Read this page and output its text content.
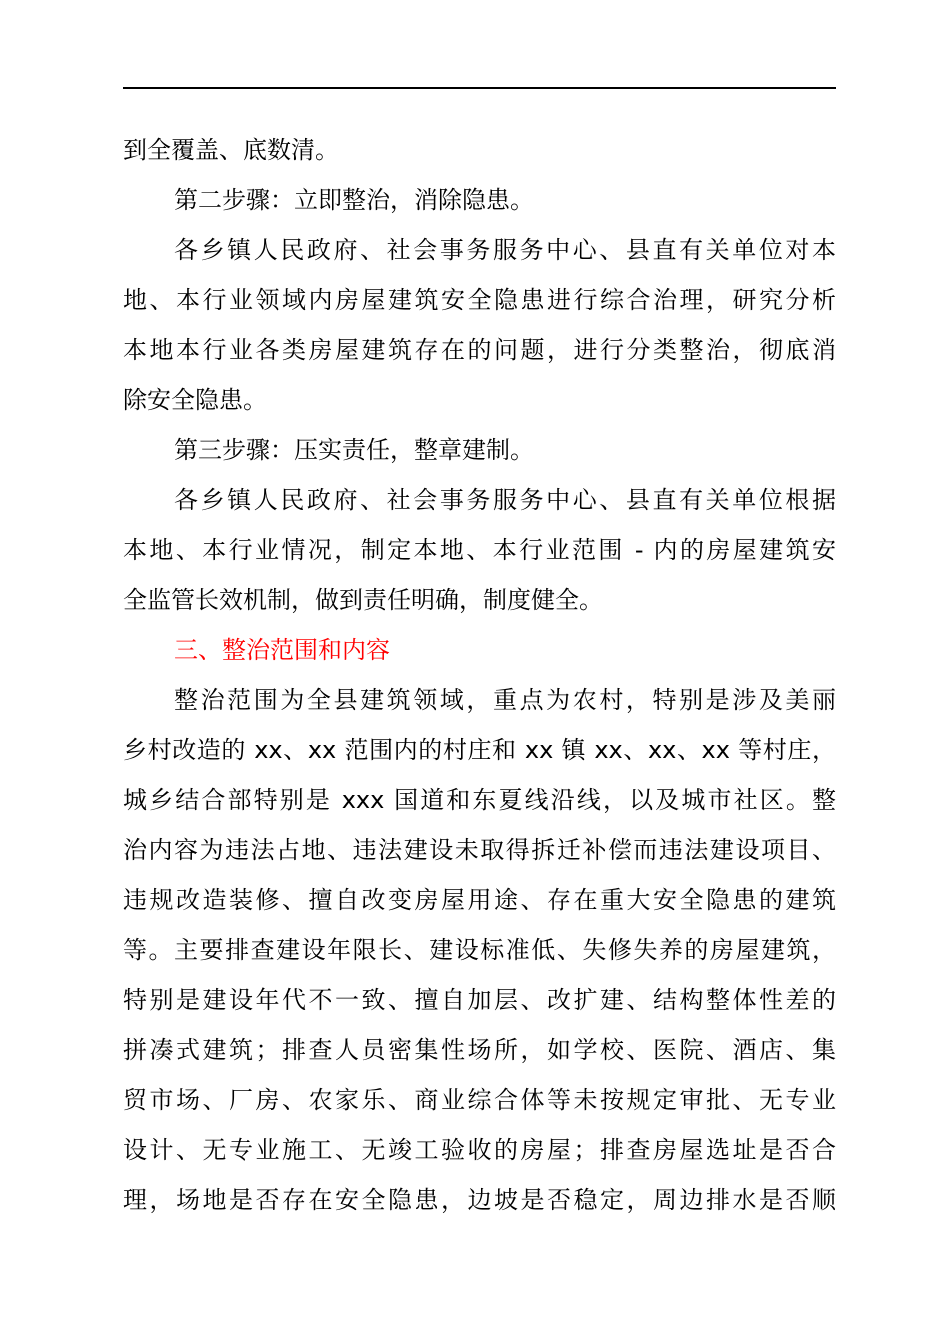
到全覆盖、底数清。
第二步骤：立即整治，消除隐患。
各乡镇人民政府、社会事务服务中心、县直有关单位对本
地、本行业领域内房屋建筑安全隐患进行综合治理，研究分析
本地本行业各类房屋建筑存在的问题，进行分类整治，彻底消
除安全隐患。
第三步骤：压实责任，整章建制。
各乡镇人民政府、社会事务服务中心、县直有关单位根据
本地、本行业情况，制定本地、本行业范围 - 内的房屋建筑安
全监管长效机制，做到责任明确，制度健全。
三、整治范围和内容
整治范围为全县建筑领域，重点为农村，特别是涉及美丽
乡村改造的 xx、xx 范围内的村庄和 xx 镇 xx、xx、xx 等村庄，
城乡结合部特别是 xxx 国道和东夏线沿线，以及城市社区。整
治内容为违法占地、违法建设未取得拆迁补偿而违法建设项目、
违规改造装修、擅自改变房屋用途、存在重大安全隐患的建筑
等。主要排查建设年限长、建设标准低、失修失养的房屋建筑，
特别是建设年代不一致、擅自加层、改扩建、结构整体性差的
拼凑式建筑；排查人员密集性场所，如学校、医院、酒店、集
贸市场、厂房、农家乐、商业综合体等未按规定审批、无专业
设计、无专业施工、无竣工验收的房屋；排查房屋选址是否合
理，场地是否存在安全隐患，边坡是否稳定，周边排水是否顺
